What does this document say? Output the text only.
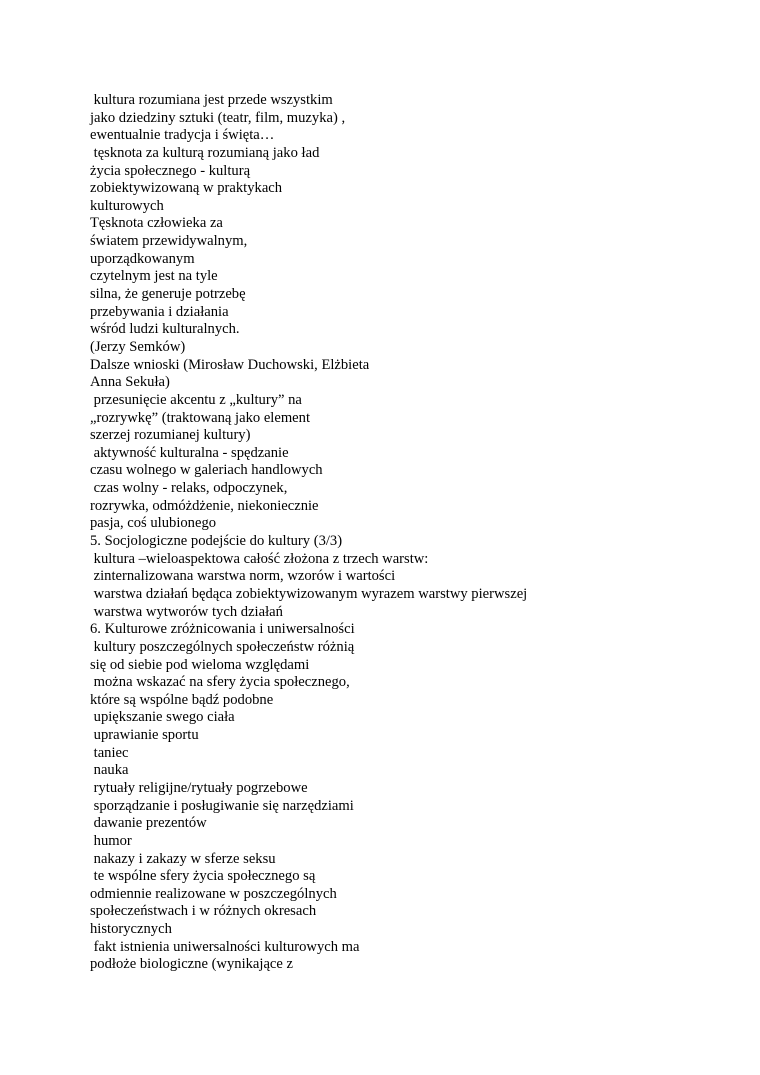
kultura rozumiana jest przede wszystkim
jako dziedziny sztuki (teatr, film, muzyka) ,
ewentualnie tradycja i święta…
tęsknota za kulturą rozumianą jako ład
życia społecznego - kulturą
zobiektywizowaną w praktykach
kulturowych
Tęsknota człowieka za
światem przewidywalnym,
uporządkowanym
czytelnym jest na tyle
silna, że generuje potrzebę
przebywania i działania
wśród ludzi kulturalnych.
(Jerzy Semków)
Dalsze wnioski (Mirosław Duchowski, Elżbieta
Anna Sekuła)
przesunięcie akcentu z „kultury” na
„rozrywkę” (traktowaną jako element
szerzej rozumianej kultury)
aktywność kulturalna - spędzanie
czasu wolnego w galeriach handlowych
czas wolny - relaks, odpoczynek,
rozrywka, odmóżdżenie, niekoniecznie
pasja, coś ulubionego
5. Socjologiczne podejście do kultury (3/3)
kultura –wieloaspektowa całość złożona z trzech warstw:
zinternalizowana warstwa norm, wzorów i wartości
warstwa działań będąca zobiektywizowanym wyrazem warstwy pierwszej
warstwa wytworów tych działań
6. Kulturowe zróżnicowania i uniwersalności
kultury poszczególnych społeczeństw różnią
się od siebie pod wieloma względami
można wskazać na sfery życia społecznego,
które są wspólne bądź podobne
upiększanie swego ciała
uprawianie sportu
taniec
nauka
rytuały religijne/rytuały pogrzebowe
sporządzanie i posługiwanie się narzędziami
dawanie prezentów
humor
nakazy i zakazy w sferze seksu
te wspólne sfery życia społecznego są
odmiennie realizowane w poszczególnych
społeczeństwach i w różnych okresach
historycznych
fakt istnienia uniwersalności kulturowych ma
podłoże biologiczne (wynikające z
